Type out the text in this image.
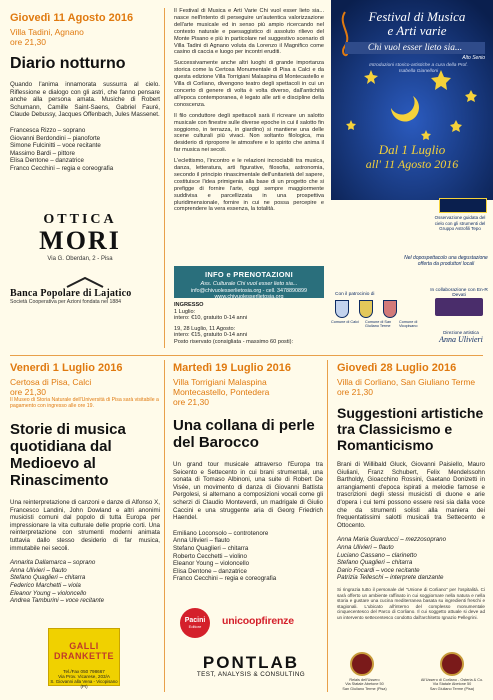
Giovedì 11 Agosto 2016
Villa Tadini, Agnano
ore 21,30
Diario notturno
Quando l'anima innamorata sussurra al cielo. Riflessione e dialogo con gli astri, che fanno pensare anche alla persona amata. Musiche di Robert Schumann, Camille Saint-Saens, Gabriel Fauré, Claude Debussy, Jacques Offenbach, Jules Massenet.
Francesca Rizzo – soprano
Giovanni Berdondini – pianoforte
Simone Fulcinitti – voce recitante
Massimo Bardi – pittore
Elisa Dentone – danzatrice
Franco Cecchini – regia e coreografia
OTTICA
MORI
Via G. Oberdan, 2 - Pisa
Banca Popolare di Lajatico
Società Cooperativa per Azioni fondata nel 1884
Il Festival di Musica e Arti Varie Chi vuol esser lieto sia... nasce nell'intento di perseguire un'autentica valorizzazione dell'arte musicale ed in senso più ampio ricercando nel contesto naturale e paesaggistico di assoluto rilievo del Monte Pisano e più in particolare nel suggestivo scenario di Villa Tadini di Agnano voluta da Lorenzo il Magnifico come casino di caccia e luogo per incontri eruditi.
Successivamente anche altri luoghi di grande importanza storica come la Certosa Monumentale di Pisa a Calci e da questa edizione Villa Torrigiani Malaspina di Montecastello e Villa di Corliano, divengono teatro degli spettacoli in cui un concerto di genere di volta è volta diverso, dall'antichità all'epoca contemporanea, è legato alle arti e discipline della conoscenza.
Il filo conduttore degli spettacoli sarà il ricreare un salotto musicale con finestre sulle diverse epoche in cui il salotto fin soggiorno, in terrazza, in giardino) si mantiene una delle scene culturali più vivaci. Non soltanto filologica, ma desiderio di riproporre le atmosfere e lo spirito che anima il far musica nei secoli.
L'eclettismo, l'incontro e le relazioni incrociabili tra musica, danza, letteratura, arti figurative, filosofia, astronomia, secondo il principio rinascimentale dell'unitarietà del sapere, costituisce l'idea primigenia alla base di un progetto che si prefigge di fornire l'arte, oggi sempre maggiormente suddivisa e parcellizzata in una prospettiva pluridimensionale, fornire in cui ne possa percepire e comprendere la vera essenza, la totalità.
INFO e PRENOTAZIONI
Ass. Culturale Chi vuol esser lieto sia...
info@chivuolesserlietosia.org - cell. 3478890899
www.chivuolesserlietosia.org
INGRESSO
1 Luglio:
intero: €10, gratuito 0-14 anni
19, 28 Luglio, 11 Agosto:
intero: €15, gratuito 0-14 anni
Posto riservato (consigliata - massimo 60 posti):
Festival di Musica
e Arti varie
Chi vuol esser lieto sia...
Alto Senio
Introduzioni storico-artistiche a cura della Prof. Isabella Gianelloni
Dal 1 Luglio
all' 11 Agosto 2016
Osservazione guidata del cielo con gli strumenti del Gruppo Astrofili Tepo
Nel dopospettacolo una degustazione offerta da produttori locali
Con il patrocinio di
Comune di Calci	Comune di San Giuliano Terme
Comune di Vicopisano
In collaborazione con En-R Devati
Direzione artistica
Anna Ulivieri
Venerdì 1 Luglio 2016
Certosa di Pisa, Calci
ore 21,30
Il Museo di Storia Naturale dell'Università di Pisa sarà visitabile a pagamento con ingresso alle ore 19.
Storie di musica quotidiana dal Medioevo al Rinascimento
Una reinterpretazione di canzoni e danze di Alfonso X, Francesco Landini, John Dowland e altri anonimi musicisti comuni dal popolo di tutta Europa per impressionare la vita culturale delle proprie corti. Una reinterpretazione con strumenti moderni animata tuttavia dallo stesso desiderio di far musica, immutabile nei secoli.
Annarita Dallamarca – soprano
Anna Ulivieri – flauto
Stefano Quaglieri – chitarra
Federico Marchetti – viola
Eleanor Young – violoncello
Andrea Tamburini – voce recitante
GALLI DRANKETTE
Tel./Fax 050 798667
Via Prov. Vicarese, 203/A
S. Giovanni alla Vena - Vicopisano (PI)
Martedì 19 Luglio 2016
Villa Torrigiani Malaspina
Montecastello, Pontedera
ore 21,30
Una collana di perle del Barocco
Un grand tour musicale attraverso l'Europa tra Seicento e Settecento in cui brani strumentali, una sonata di Tomaso Albinoni, una suite di Robert De Visée, un movimento di danza di Giovanni Battista Pergolesi, si alternano a composizioni vocali come gli scherzi di Claudio Monteverdi, un madrigale di Giulio Caccini e una struggente aria di Georg Friedrich Haendel.
Emiliano Loconsolo – controtenore
Anna Ulivieri – flauto
Stefano Quaglieri – chitarra
Roberto Cecchetti – violino
Eleanor Young – violoncello
Elisa Dentone – danzatrice
Franco Cecchini – regia e coreografia
Pacini
Editore	unicoopfirenze
PONTLAB
TEST, ANALYSIS & CONSULTING
Giovedì 28 Luglio 2016
Villa di Corliano, San Giuliano Terme
ore 21,30
Suggestioni artistiche tra Classicismo e Romanticismo
Brani di Willibald Gluck, Giovanni Paisiello, Mauro Giuliani, Franz Schubert, Felix Mendelssohn Bartholdy, Gioacchino Rossini, Gaetano Donizetti in arrangiamenti d'epoca ispirati a melodie famose e trascrizioni degli stessi musicisti di duone e arie d'opera i cui temi possono essere resi sia dalla voce che da strumenti solisti alla maniera dei frequentatissimi salotti musicali tra Settecento e Ottocento.
Anna Maria Guarducci – mezzosoprano
Anna Ulivieri – flauto
Luciano Cassano – clarinetto
Stefano Quaglieri – chitarra
Dario Focardi – voce recitante
Patrizia Telleschi – interprete danzante
Si ringrazia tutto il personale del "Unione di Corliano" per l'ospitalità. Ci sarà offerto un ambiente raffinato in cui soggiornare nella natura e nella storia e gustare una cucina mediterranea basata su ingredienti freschi e stagionali. L'ubicato all'interno del complesso monumentale cinquecentesco del Parco di Corliano. Il cui soggetto attuale si deve ad un intervento settecentesco condotto dall'architetto Ignazio Pellegrini.
Relais dell'Ussero
Via Statale Abetone 50
San Giuliano Terme (Pisa)
All'Ussero di Corliano - Osteria & Co.
Via Statale Abetone 50
San Giuliano Terme (Pisa)
